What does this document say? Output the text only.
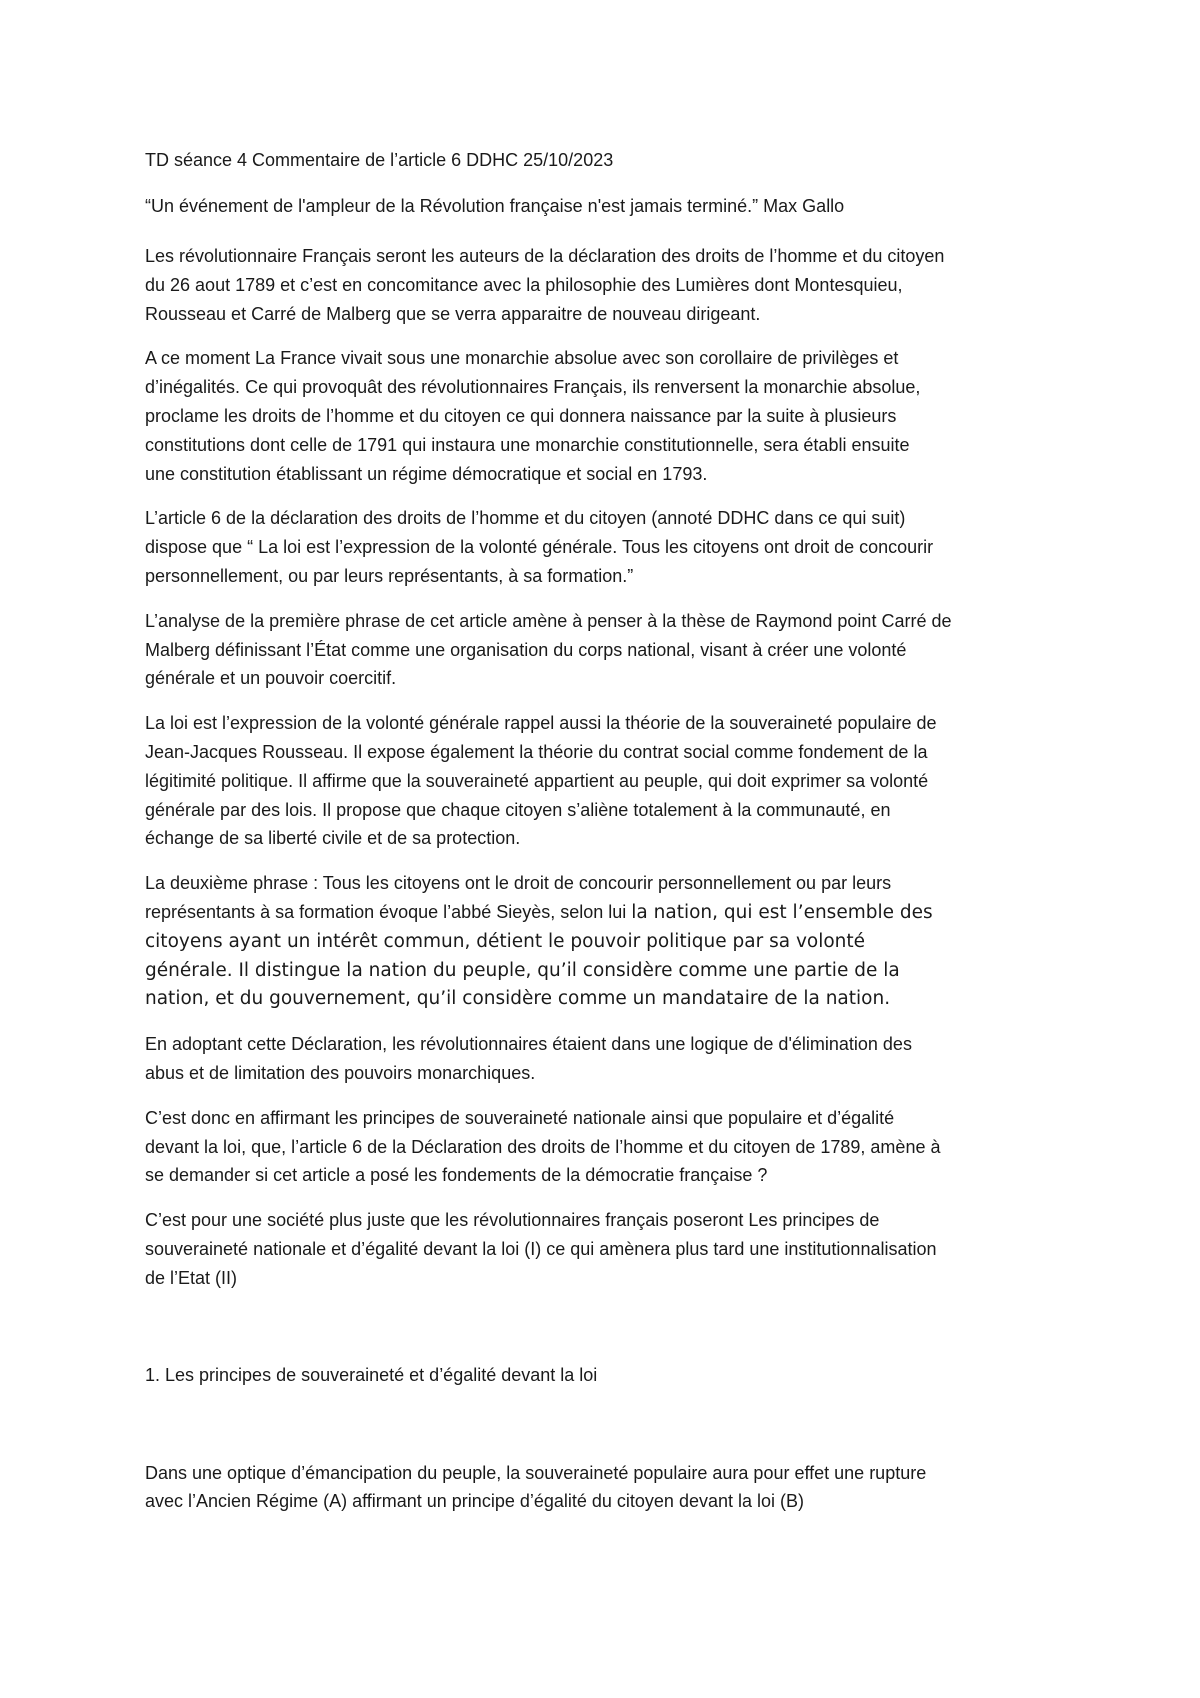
TD séance 4 Commentaire de l’article 6 DDHC 25/10/2023

“Un événement de l'ampleur de la Révolution française n'est jamais terminé.” Max Gallo

Les révolutionnaire Français seront les auteurs de la déclaration des droits de l’homme et du citoyen
du 26 aout 1789 et c’est en concomitance avec la philosophie des Lumières dont Montesquieu,
Rousseau et Carré de Malberg que se verra apparaitre de nouveau dirigeant.
A ce moment La France vivait sous une monarchie absolue avec son corollaire de privilèges et
d’inégalités. Ce qui provoquât des révolutionnaires Français, ils renversent la monarchie absolue,
proclame les droits de l’homme et du citoyen ce qui donnera naissance par la suite à plusieurs
constitutions dont celle de 1791 qui instaura une monarchie constitutionnelle, sera établi ensuite
une constitution établissant un régime démocratique et social en 1793.
L’article 6 de la déclaration des droits de l’homme et du citoyen (annoté DDHC dans ce qui suit)
dispose que “ La loi est l’expression de la volonté générale. Tous les citoyens ont droit de concourir
personnellement, ou par leurs représentants, à sa formation.”
L’analyse de la première phrase de cet article amène à penser à la thèse de Raymond point Carré de
Malberg définissant l’État comme une organisation du corps national, visant à créer une volonté
générale et un pouvoir coercitif.
La loi est l’expression de la volonté générale rappel aussi la théorie de la souveraineté populaire de
Jean-Jacques Rousseau. Il expose également la théorie du contrat social comme fondement de la
légitimité politique. Il affirme que la souveraineté appartient au peuple, qui doit exprimer sa volonté
générale par des lois. Il propose que chaque citoyen s’aliène totalement à la communauté, en
échange de sa liberté civile et de sa protection.
La deuxième phrase : Tous les citoyens ont le droit de concourir personnellement ou par leurs
représentants à sa formation évoque l’abbé Sieyès, selon lui la nation, qui est l’ensemble des
citoyens ayant un intérêt commun, détient le pouvoir politique par sa volonté
générale. Il distingue la nation du peuple, qu’il considère comme une partie de la
nation, et du gouvernement, qu’il considère comme un mandataire de la nation.
En adoptant cette Déclaration, les révolutionnaires étaient dans une logique de d'élimination des
abus et de limitation des pouvoirs monarchiques.
C’est donc en affirmant les principes de souveraineté nationale ainsi que populaire et d’égalité
devant la loi, que, l’article 6 de la Déclaration des droits de l’homme et du citoyen de 1789, amène à
se demander si cet article a posé les fondements de la démocratie française ?
C’est pour une société plus juste que les révolutionnaires français poseront Les principes de
souveraineté nationale et d’égalité devant la loi (I) ce qui amènera plus tard une institutionnalisation
de l’Etat (II)

1. Les principes de souveraineté et d’égalité devant la loi

Dans une optique d’émancipation du peuple, la souveraineté populaire aura pour effet une rupture
avec l’Ancien Régime (A) affirmant un principe d’égalité du citoyen devant la loi (B)
